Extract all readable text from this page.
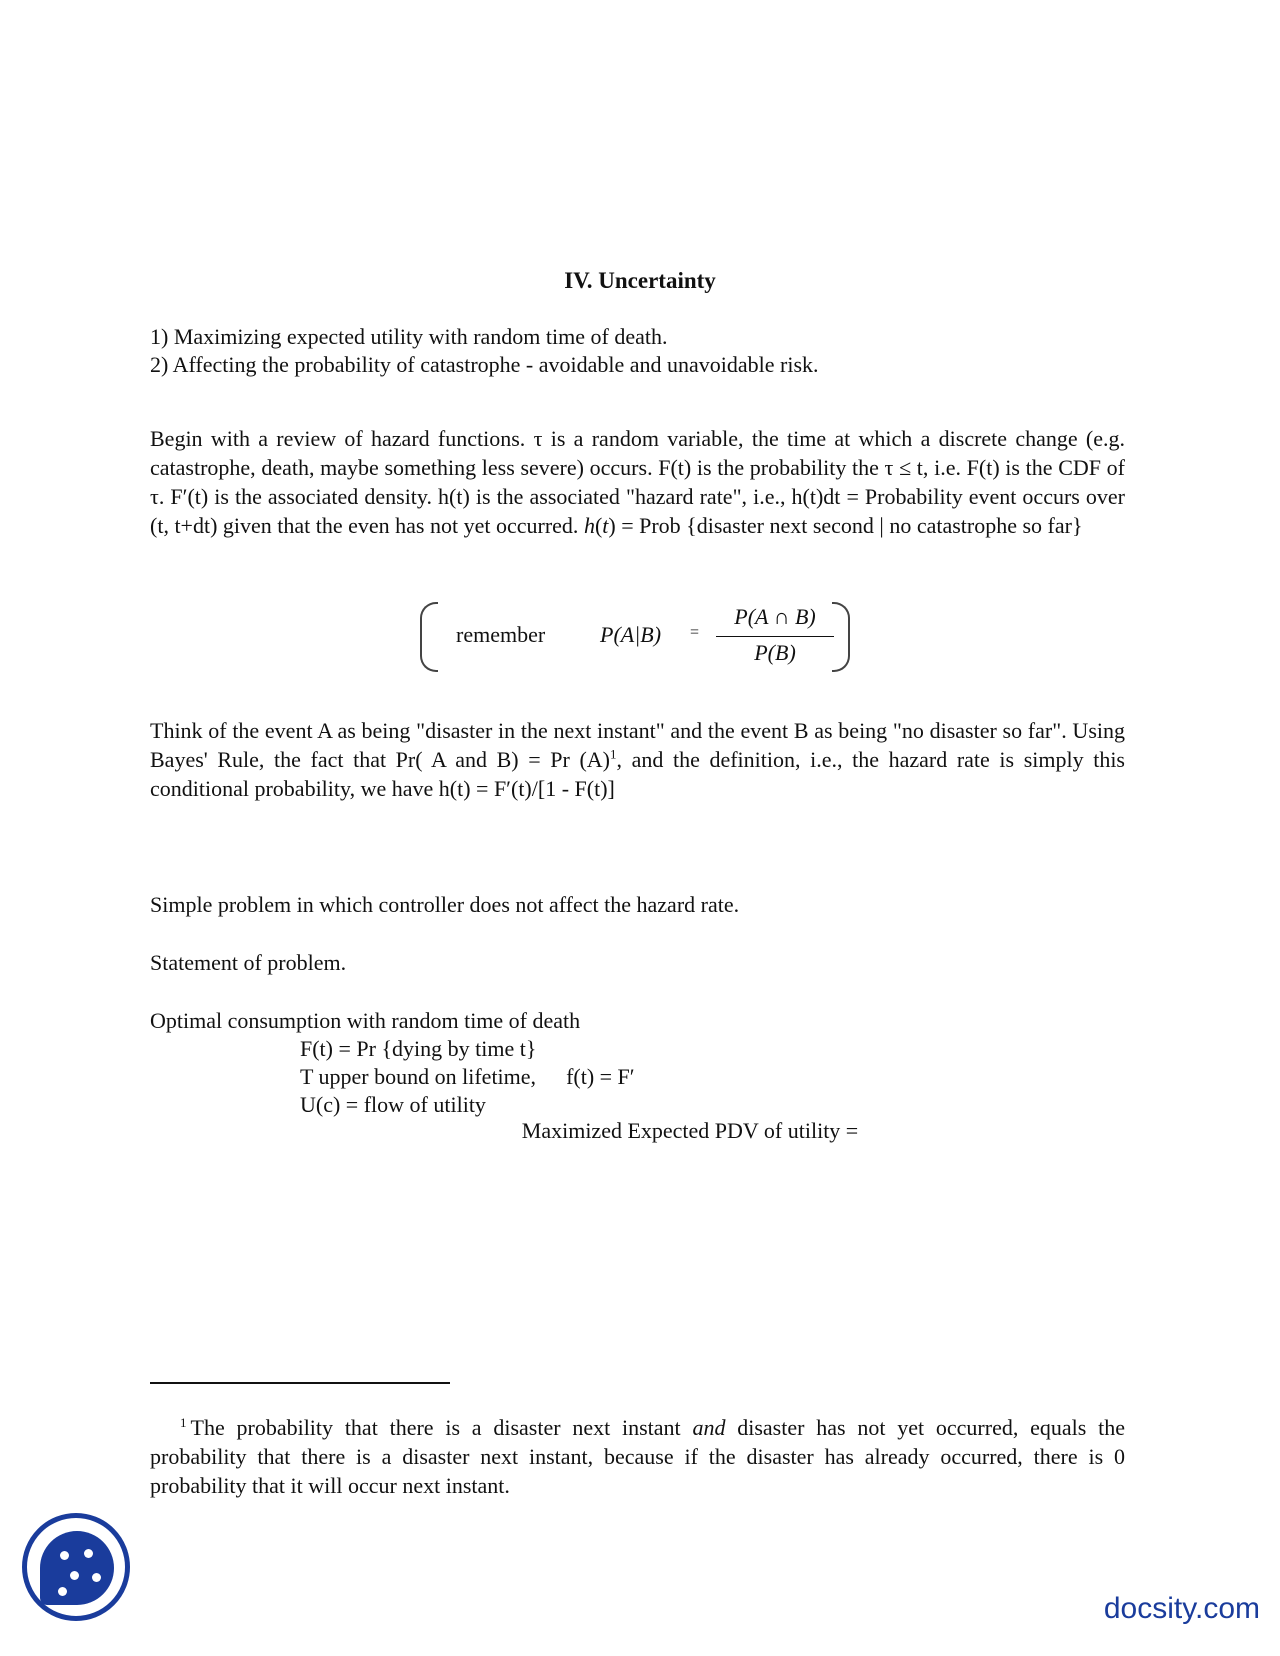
IV. Uncertainty
1) Maximizing expected utility with random time of death.
2) Affecting the probability of catastrophe - avoidable and unavoidable risk.
Begin with a review of hazard functions. τ is a random variable, the time at which a discrete change (e.g. catastrophe, death, maybe something less severe) occurs. F(t) is the probability the τ ≤ t, i.e. F(t) is the CDF of τ. F′(t) is the associated density. h(t) is the associated "hazard rate", i.e., h(t)dt = Probability event occurs over (t, t+dt) given that the even has not yet occurred. h(t) = Prob {disaster next second | no catastrophe so far}
remember P(A|B) =
P(A ∩ B)
P(B)
Think of the event A as being "disaster in the next instant" and the event B as being "no disaster so far". Using Bayes' Rule, the fact that Pr( A and B) = Pr $(A)^1$, and the definition, i.e., the hazard rate is simply this conditional probability, we have h(t) = F′(t)/[1 - F(t)]
Simple problem in which controller does not affect the hazard rate.
Statement of problem.
Optimal consumption with random time of death
F(t) = Pr {dying by time t}
T upper bound on lifetime, f(t) = F′
U(c) = flow of utility
Maximized Expected PDV of utility =
$^1$ The probability that there is a disaster next instant and disaster has not yet occurred, equals the probability that there is a disaster next instant, because if the disaster has already occurred, there is 0 probability that it will occur next instant.
docsity.com
